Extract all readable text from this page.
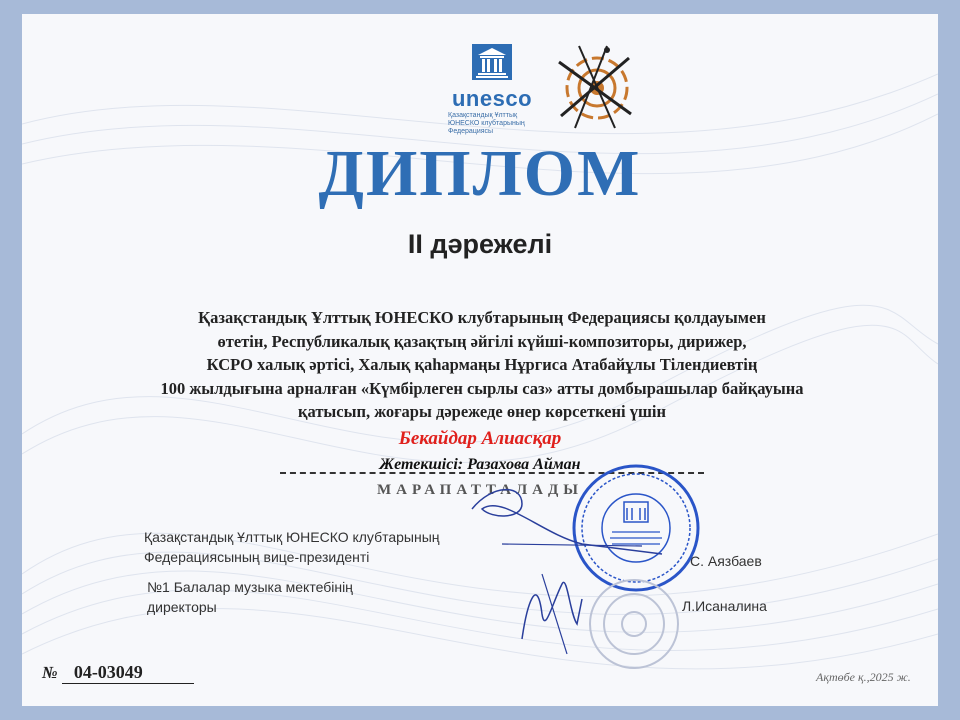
unesco
Қазақстандық Ұлттық ЮНЕСКО клубтарының Федерациясы
ДИПЛОМ
II дәрежелі
Қазақстандық Ұлттық ЮНЕСКО клубтарының Федерациясы қолдауымен
өтетін, Республикалық қазақтың әйгілі күйші-композиторы, дирижер,
КСРО халық әртісі, Халық қаһармаңы Нұргиса Атабайұлы Тілендиевтің
100 жылдығына арналған «Күмбірлеген сырлы саз» атты домбырашылар байқауына
қатысып, жоғары дәрежеде өнер көрсеткені үшін
Бекайдар Алиасқар
Жетекшісі: Разахова Айман
МАРАПАТТАЛАДЫ
Қазақстандық Ұлттық ЮНЕСКО клубтарының
Федерациясының вице-президенті
№1 Балалар музыка мектебінің
директоры
С. Аязбаев
Л.Исаналина
№ 04-03049	Ақтөбе қ.,2025 ж.
